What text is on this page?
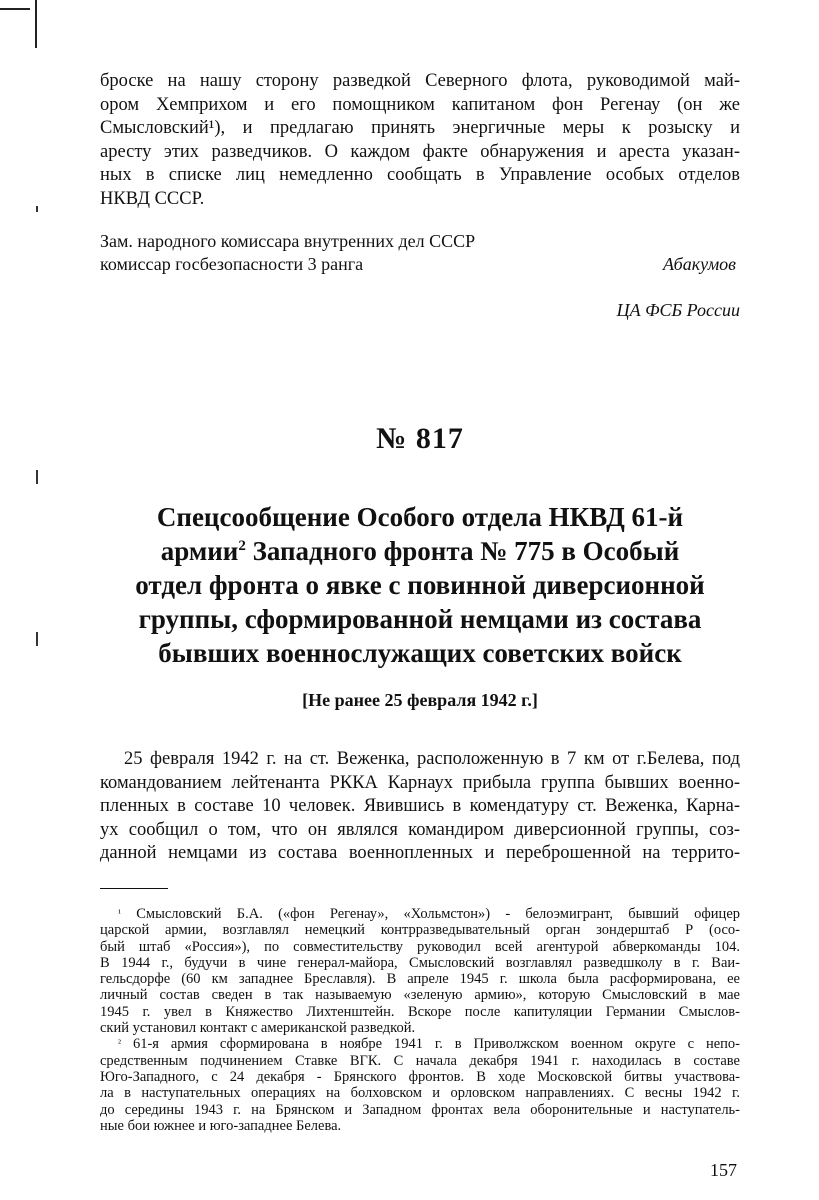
броске на нашу сторону разведкой Северного флота, руководимой май-
ором Хемприхом и его помощником капитаном фон Регенау (он же
Смысловский¹), и предлагаю принять энергичные меры к розыску и
аресту этих разведчиков. О каждом факте обнаружения и ареста указан-
ных в списке лиц немедленно сообщать в Управление особых отделов
НКВД СССР.
Зам. народного комиссара внутренних дел СССР
комиссар госбезопасности 3 ранга	Абакумов
ЦА ФСБ России
№ 817
Спецсообщение Особого отдела НКВД 61-й
армии$^2$ Западного фронта № 775 в Особый
отдел фронта о явке с повинной диверсионной
группы, сформированной немцами из состава
бывших военнослужащих советских войск
[Не ранее 25 февраля 1942 г.]
25 февраля 1942 г. на ст. Веженка, расположенную в 7 км от г.Белева, под
командованием лейтенанта РККА Карнаух прибыла группа бывших военно-
пленных в составе 10 человек. Явившись в комендатуру ст. Веженка, Карна-
ух сообщил о том, что он являлся командиром диверсионной группы, соз-
данной немцами из состава военнопленных и переброшенной на террито-
$^{^1}$ Смысловский Б.А. («фон Регенау», «Хольмстон») - белоэмигрант, бывший офицер
царской армии, возглавлял немецкий контрразведывательный орган зондерштаб Р (осо-
бый штаб «Россия»), по совместительству руководил всей агентурой абверкоманды 104.
В 1944 г., будучи в чине генерал-майора, Смысловский возглавлял разведшколу в г. Ваи-
гельсдорфе (60 км западнее Бреславля). В апреле 1945 г. школа была расформирована, ее
личный состав сведен в так называемую «зеленую армию», которую Смысловский в мае
1945 г. увел в Княжество Лихтенштейн. Вскоре после капитуляции Германии Смыслов-
ский установил контакт с американской разведкой.
$^{^2}$ 61-я армия сформирована в ноябре 1941 г. в Приволжском военном округе с непо-
средственным подчинением Ставке ВГК. С начала декабря 1941 г. находилась в составе
Юго-Западного, с 24 декабря - Брянского фронтов. В ходе Московской битвы участвова-
ла в наступательных операциях на болховском и орловском направлениях. С весны 1942 г.
до середины 1943 г. на Брянском и Западном фронтах вела оборонительные и наступатель-
ные бои южнее и юго-западнее Белева.
157
